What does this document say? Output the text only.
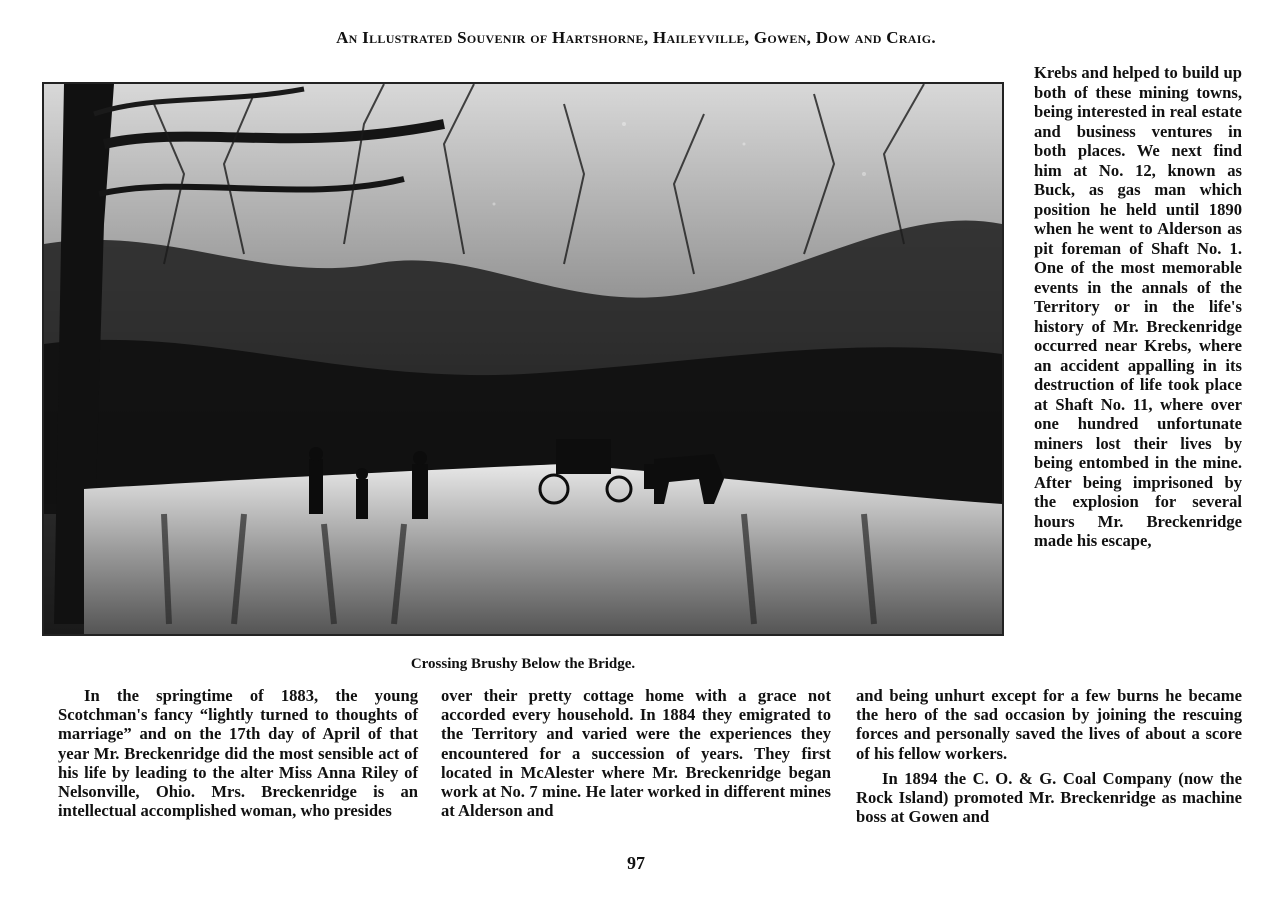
An Illustrated Souvenir of Hartshorne, Haileyville, Gowen, Dow and Craig.
Crossing Brushy Below the Bridge.
Krebs and helped to build up both of these mining towns, being interested in real estate and business ventures in both places. We next find him at No. 12, known as Buck, as gas man which position he held until 1890 when he went to Alderson as pit foreman of Shaft No. 1. One of the most memorable events in the annals of the Territory or in the life's history of Mr. Breckenridge occurred near Krebs, where an accident appalling in its destruction of life took place at Shaft No. 11, where over one hundred unfortunate miners lost their lives by being entombed in the mine. After being imprisoned by the explosion for several hours Mr. Breckenridge made his escape,

In the springtime of 1883, the young Scotchman's fancy “lightly turned to thoughts of marriage” and on the 17th day of April of that year Mr. Breckenridge did the most sensible act of his life by leading to the alter Miss Anna Riley of Nelsonville, Ohio. Mrs. Breckenridge is an intellectual accomplished woman, who presides

over their pretty cottage home with a grace not accorded every household. In 1884 they emigrated to the Territory and varied were the experiences they encountered for a succession of years. They first located in McAlester where Mr. Breckenridge began work at No. 7 mine. He later worked in different mines at Alderson and

and being unhurt except for a few burns he became the hero of the sad occasion by joining the rescuing forces and personally saved the lives of about a score of his fellow workers.

In 1894 the C. O. & G. Coal Company (now the Rock Island) promoted Mr. Breckenridge as machine boss at Gowen and

97
